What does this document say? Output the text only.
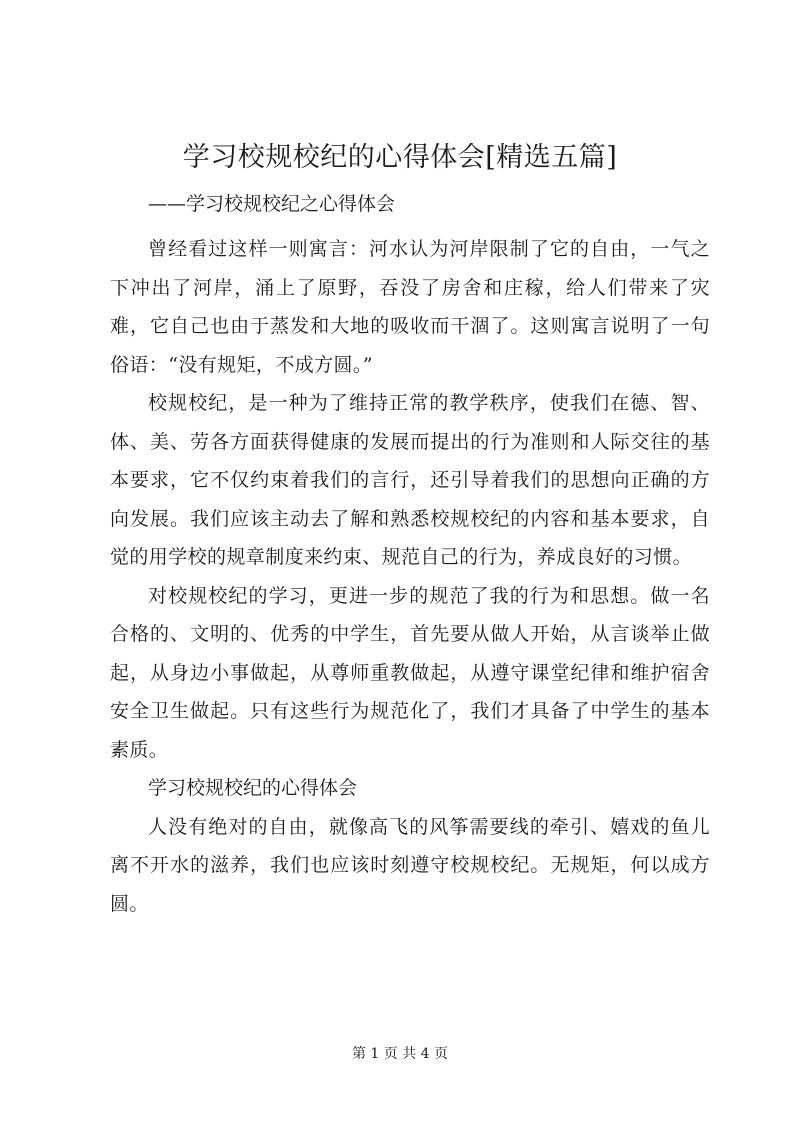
学习校规校纪的心得体会[精选五篇]
——学习校规校纪之心得体会

曾经看过这样一则寓言：河水认为河岸限制了它的自由，一气之下冲出了河岸，涌上了原野，吞没了房舍和庄稼，给人们带来了灾难，它自己也由于蒸发和大地的吸收而干涸了。这则寓言说明了一句俗语：“没有规矩，不成方圆。”

校规校纪，是一种为了维持正常的教学秩序，使我们在德、智、体、美、劳各方面获得健康的发展而提出的行为准则和人际交往的基本要求，它不仅约束着我们的言行，还引导着我们的思想向正确的方向发展。我们应该主动去了解和熟悉校规校纪的内容和基本要求，自觉的用学校的规章制度来约束、规范自己的行为，养成良好的习惯。

对校规校纪的学习，更进一步的规范了我的行为和思想。做一名合格的、文明的、优秀的中学生，首先要从做人开始，从言谈举止做起，从身边小事做起，从尊师重教做起，从遵守课堂纪律和维护宿舍安全卫生做起。只有这些行为规范化了，我们才具备了中学生的基本素质。

学习校规校纪的心得体会

人没有绝对的自由，就像高飞的风筝需要线的牵引、嬉戏的鱼儿离不开水的滋养，我们也应该时刻遵守校规校纪。无规矩，何以成方圆。

第 1 页 共 4 页
